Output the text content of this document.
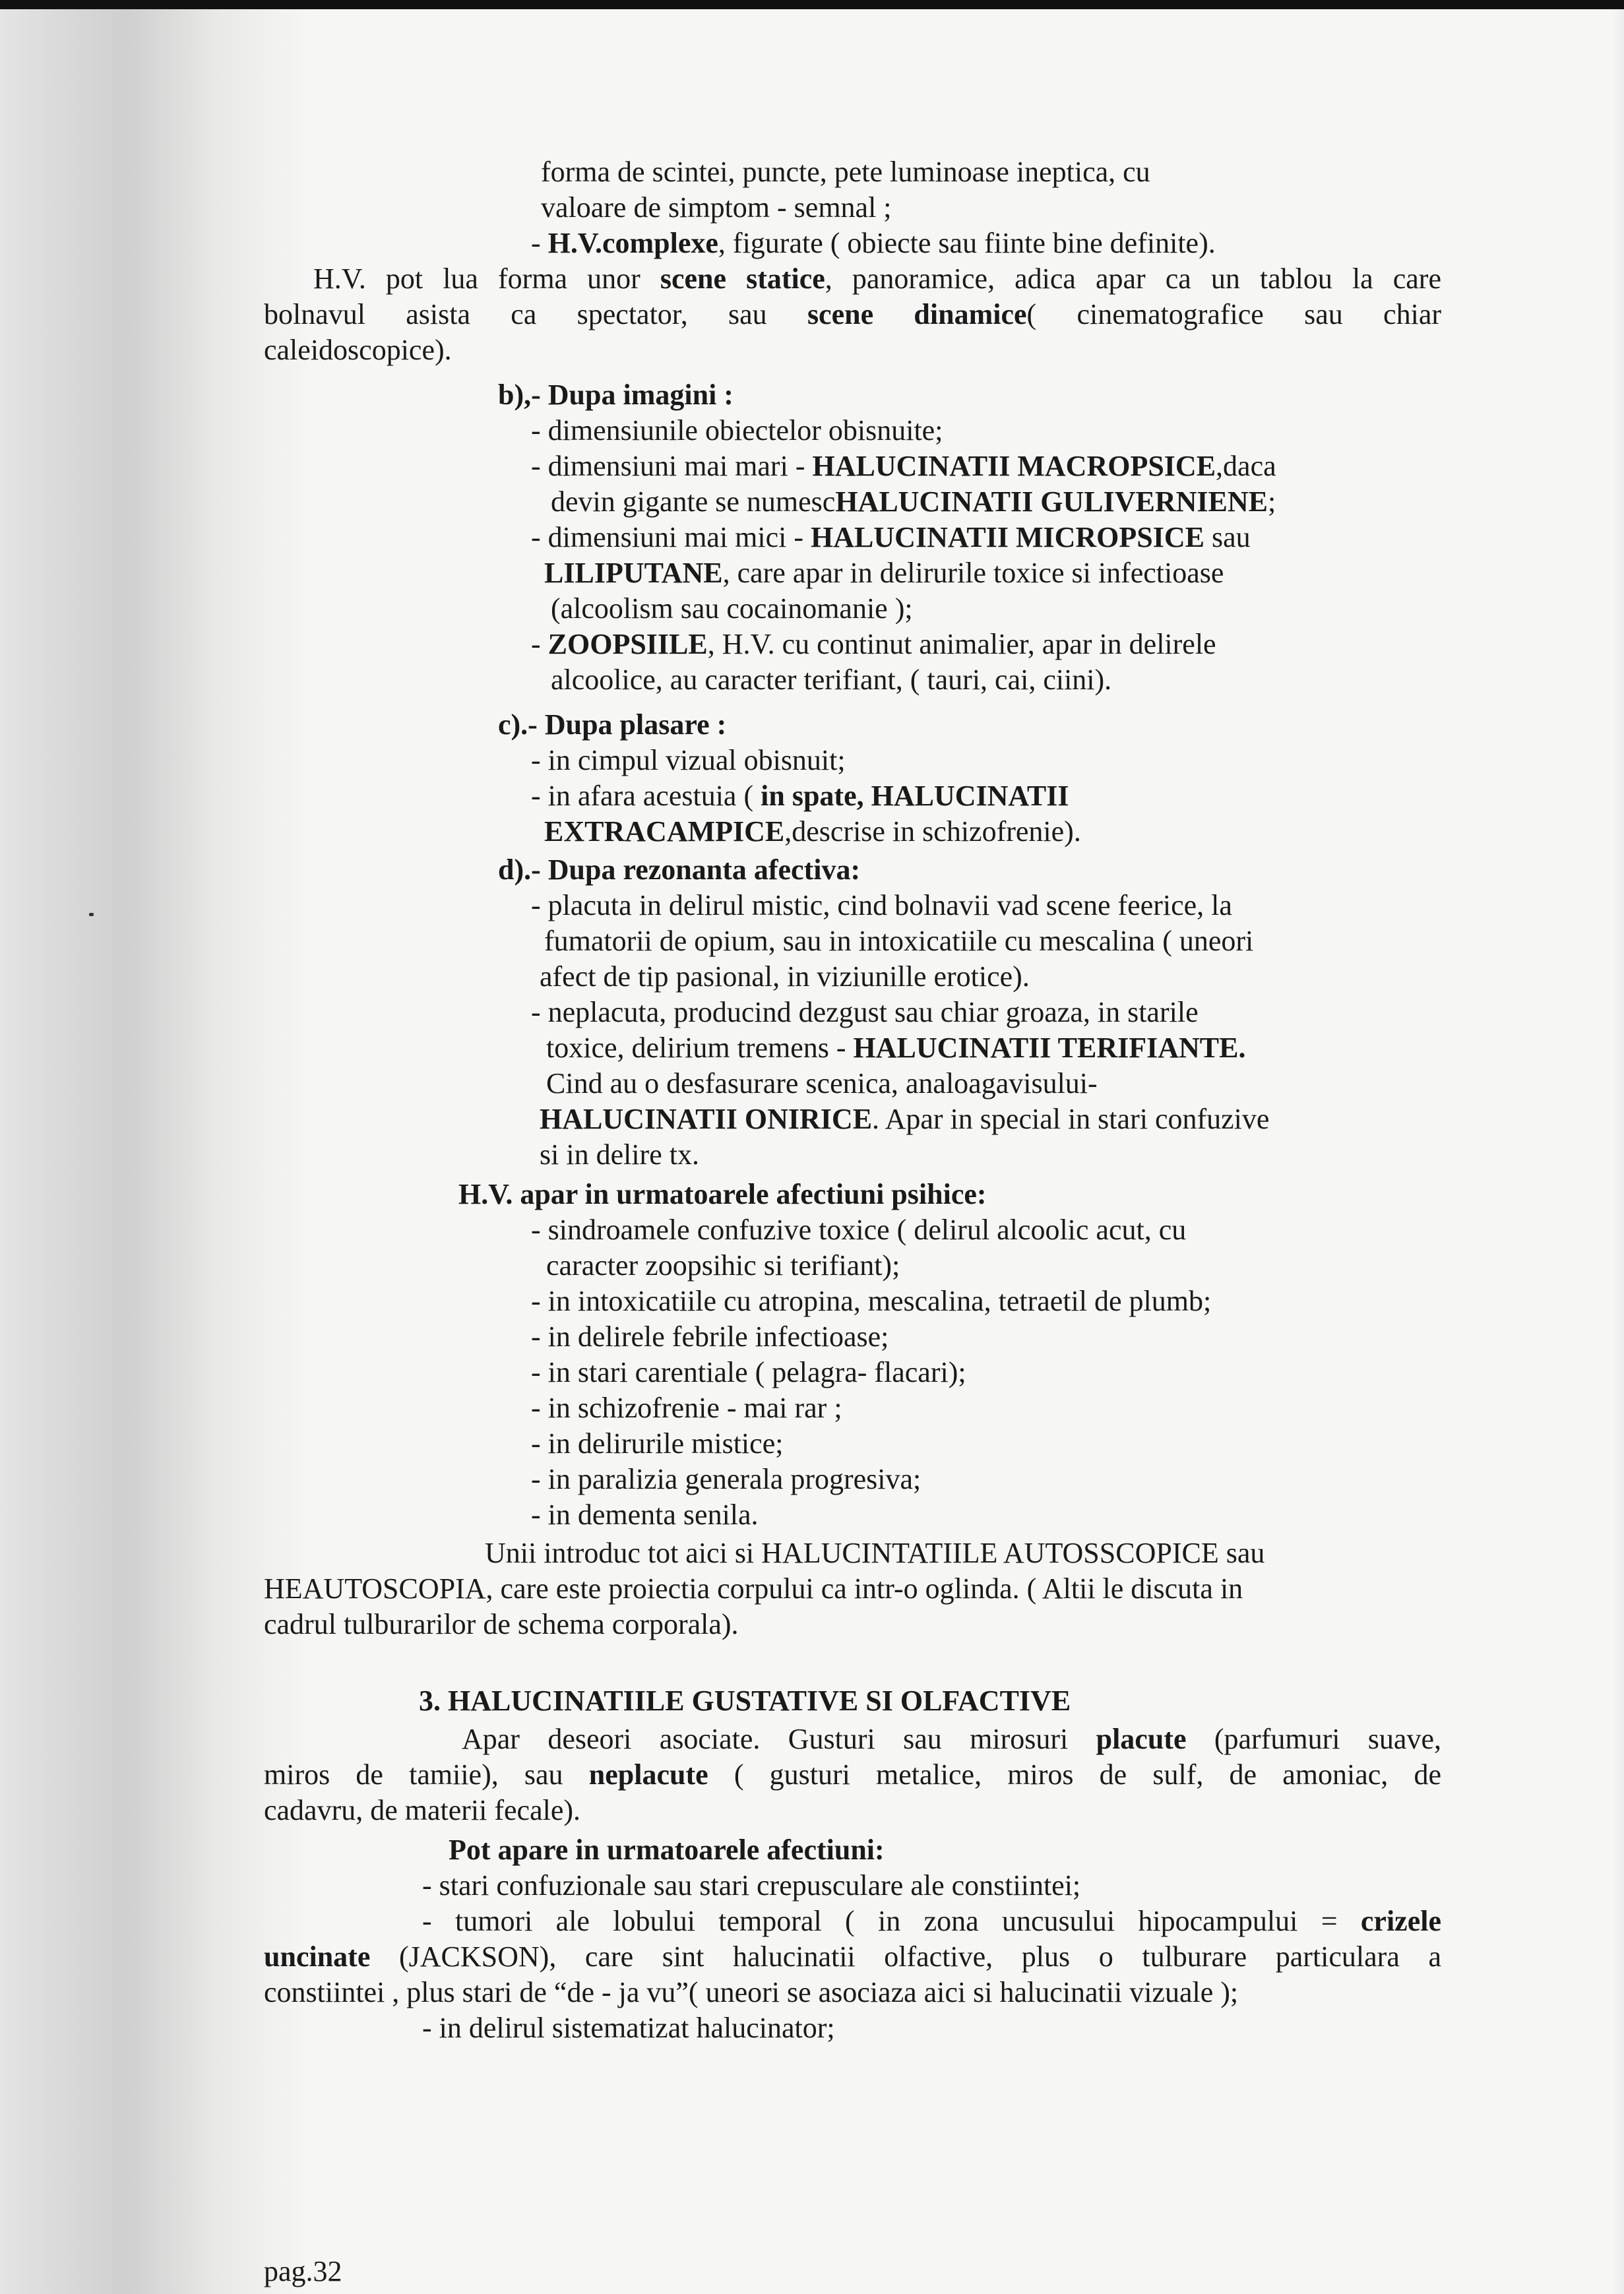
forma de scintei, puncte, pete luminoase ineptica, cu
valoare de simptom - semnal ;
- H.V.complexe, figurate ( obiecte sau fiinte bine definite).
H.V. pot lua forma unor scene statice, panoramice, adica apar ca un tablou la care
bolnavul asista ca spectator, sau scene dinamice( cinematografice sau chiar
caleidoscopice).
b),- Dupa imagini :
- dimensiunile obiectelor obisnuite;
- dimensiuni mai mari - HALUCINATII MACROPSICE,daca
devin gigante se numescHALUCINATII GULIVERNIENE;
- dimensiuni mai mici - HALUCINATII MICROPSICE sau
LILIPUTANE, care apar in delirurile toxice si infectioase
(alcoolism sau cocainomanie );
- ZOOPSIILE, H.V. cu continut animalier, apar in delirele
alcoolice, au caracter terifiant, ( tauri, cai, ciini).
c).- Dupa plasare :
- in cimpul vizual obisnuit;
- in afara acestuia ( in spate, HALUCINATII
EXTRACAMPICE,descrise in schizofrenie).
d).- Dupa rezonanta afectiva:
- placuta in delirul mistic, cind bolnavii vad scene feerice, la
fumatorii de opium, sau in intoxicatiile cu mescalina ( uneori
afect de tip pasional, in viziunille erotice).
- neplacuta, producind dezgust sau chiar groaza, in starile
toxice, delirium tremens - HALUCINATII TERIFIANTE.
Cind au o desfasurare scenica, analoagavisului-
HALUCINATII ONIRICE. Apar in special in stari confuzive
si in delire tx.
H.V. apar in urmatoarele afectiuni psihice:
- sindroamele confuzive toxice ( delirul alcoolic acut, cu
caracter zoopsihic si terifiant);
- in intoxicatiile cu atropina, mescalina, tetraetil de plumb;
- in delirele febrile infectioase;
- in stari carentiale ( pelagra- flacari);
- in schizofrenie - mai rar ;
- in delirurile mistice;
- in paralizia generala progresiva;
- in dementa senila.
Unii introduc tot aici si HALUCINTATIILE AUTOSSCOPICE sau
HEAUTOSCOPIA, care este proiectia corpului ca intr-o oglinda. ( Altii le discuta in
cadrul tulburarilor de schema corporala).
3. HALUCINATIILE GUSTATIVE SI OLFACTIVE
Apar deseori asociate. Gusturi sau mirosuri placute (parfumuri suave,
miros de tamiie), sau neplacute ( gusturi metalice, miros de sulf, de amoniac, de
cadavru, de materii fecale).
Pot apare in urmatoarele afectiuni:
- stari confuzionale sau stari crepusculare ale constiintei;
- tumori ale lobului temporal ( in zona uncusului hipocampului = crizele
uncinate (JACKSON), care sint halucinatii olfactive, plus o tulburare particulara a
constiintei , plus stari de “de - ja vu”( uneori se asociaza aici si halucinatii vizuale );
- in delirul sistematizat halucinator;
pag.32
